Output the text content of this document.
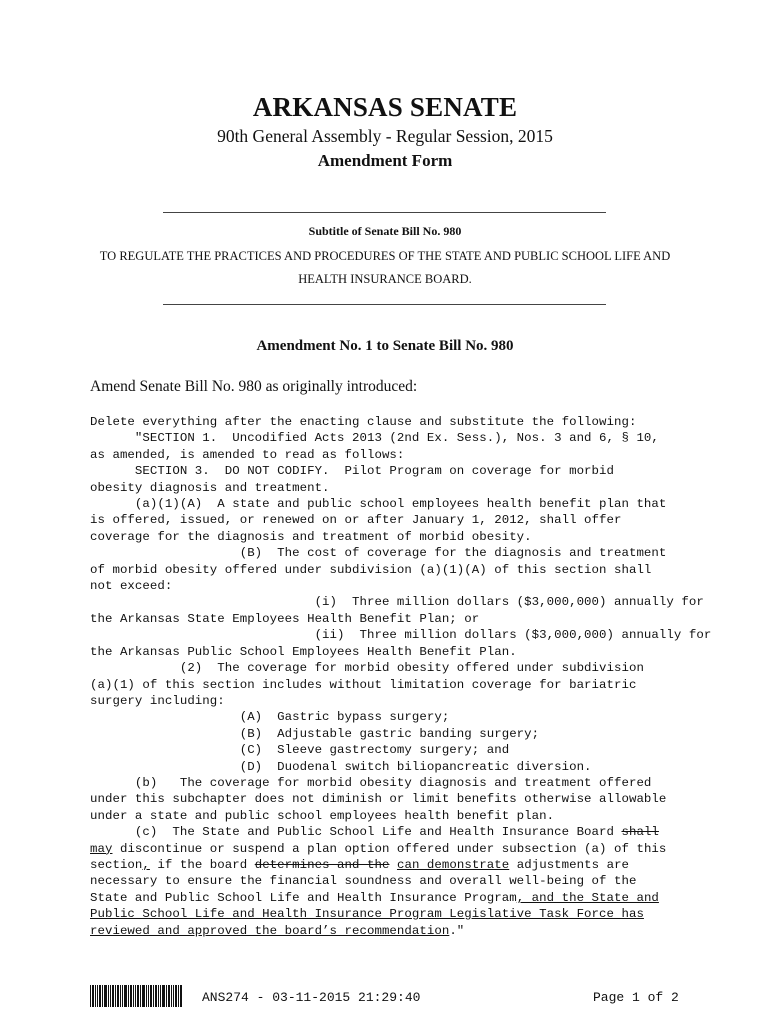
ARKANSAS SENATE
90th General Assembly - Regular Session, 2015
Amendment Form
Subtitle of Senate Bill No. 980
TO REGULATE THE PRACTICES AND PROCEDURES OF THE STATE AND PUBLIC SCHOOL LIFE AND HEALTH INSURANCE BOARD.
Amendment No. 1 to Senate Bill No. 980
Amend Senate Bill No. 980 as originally introduced:
Delete everything after the enacting clause and substitute the following:
"SECTION 1.  Uncodified Acts 2013 (2nd Ex. Sess.), Nos. 3 and 6, § 10,
as amended, is amended to read as follows:
SECTION 3.  DO NOT CODIFY.  Pilot Program on coverage for morbid
obesity diagnosis and treatment.
(a)(1)(A)  A state and public school employees health benefit plan that
is offered, issued, or renewed on or after January 1, 2012, shall offer
coverage for the diagnosis and treatment of morbid obesity.
(B)  The cost of coverage for the diagnosis and treatment
of morbid obesity offered under subdivision (a)(1)(A) of this section shall
not exceed:
(i)  Three million dollars ($3,000,000) annually for
the Arkansas State Employees Health Benefit Plan; or
(ii)  Three million dollars ($3,000,000) annually for
the Arkansas Public School Employees Health Benefit Plan.
(2)  The coverage for morbid obesity offered under subdivision
(a)(1) of this section includes without limitation coverage for bariatric
surgery including:
(A)  Gastric bypass surgery;
(B)  Adjustable gastric banding surgery;
(C)  Sleeve gastrectomy surgery; and
(D)  Duodenal switch biliopancreatic diversion.
(b)   The coverage for morbid obesity diagnosis and treatment offered
under this subchapter does not diminish or limit benefits otherwise allowable
under a state and public school employees health benefit plan.
(c)  The State and Public School Life and Health Insurance Board shall
may discontinue or suspend a plan option offered under subsection (a) of this
section, if the board determines and the can demonstrate adjustments are
necessary to ensure the financial soundness and overall well-being of the
State and Public School Life and Health Insurance Program, and the State and
Public School Life and Health Insurance Program Legislative Task Force has
reviewed and approved the board’s recommendation."
ANS274 - 03-11-2015 21:29:40	Page 1 of 2
